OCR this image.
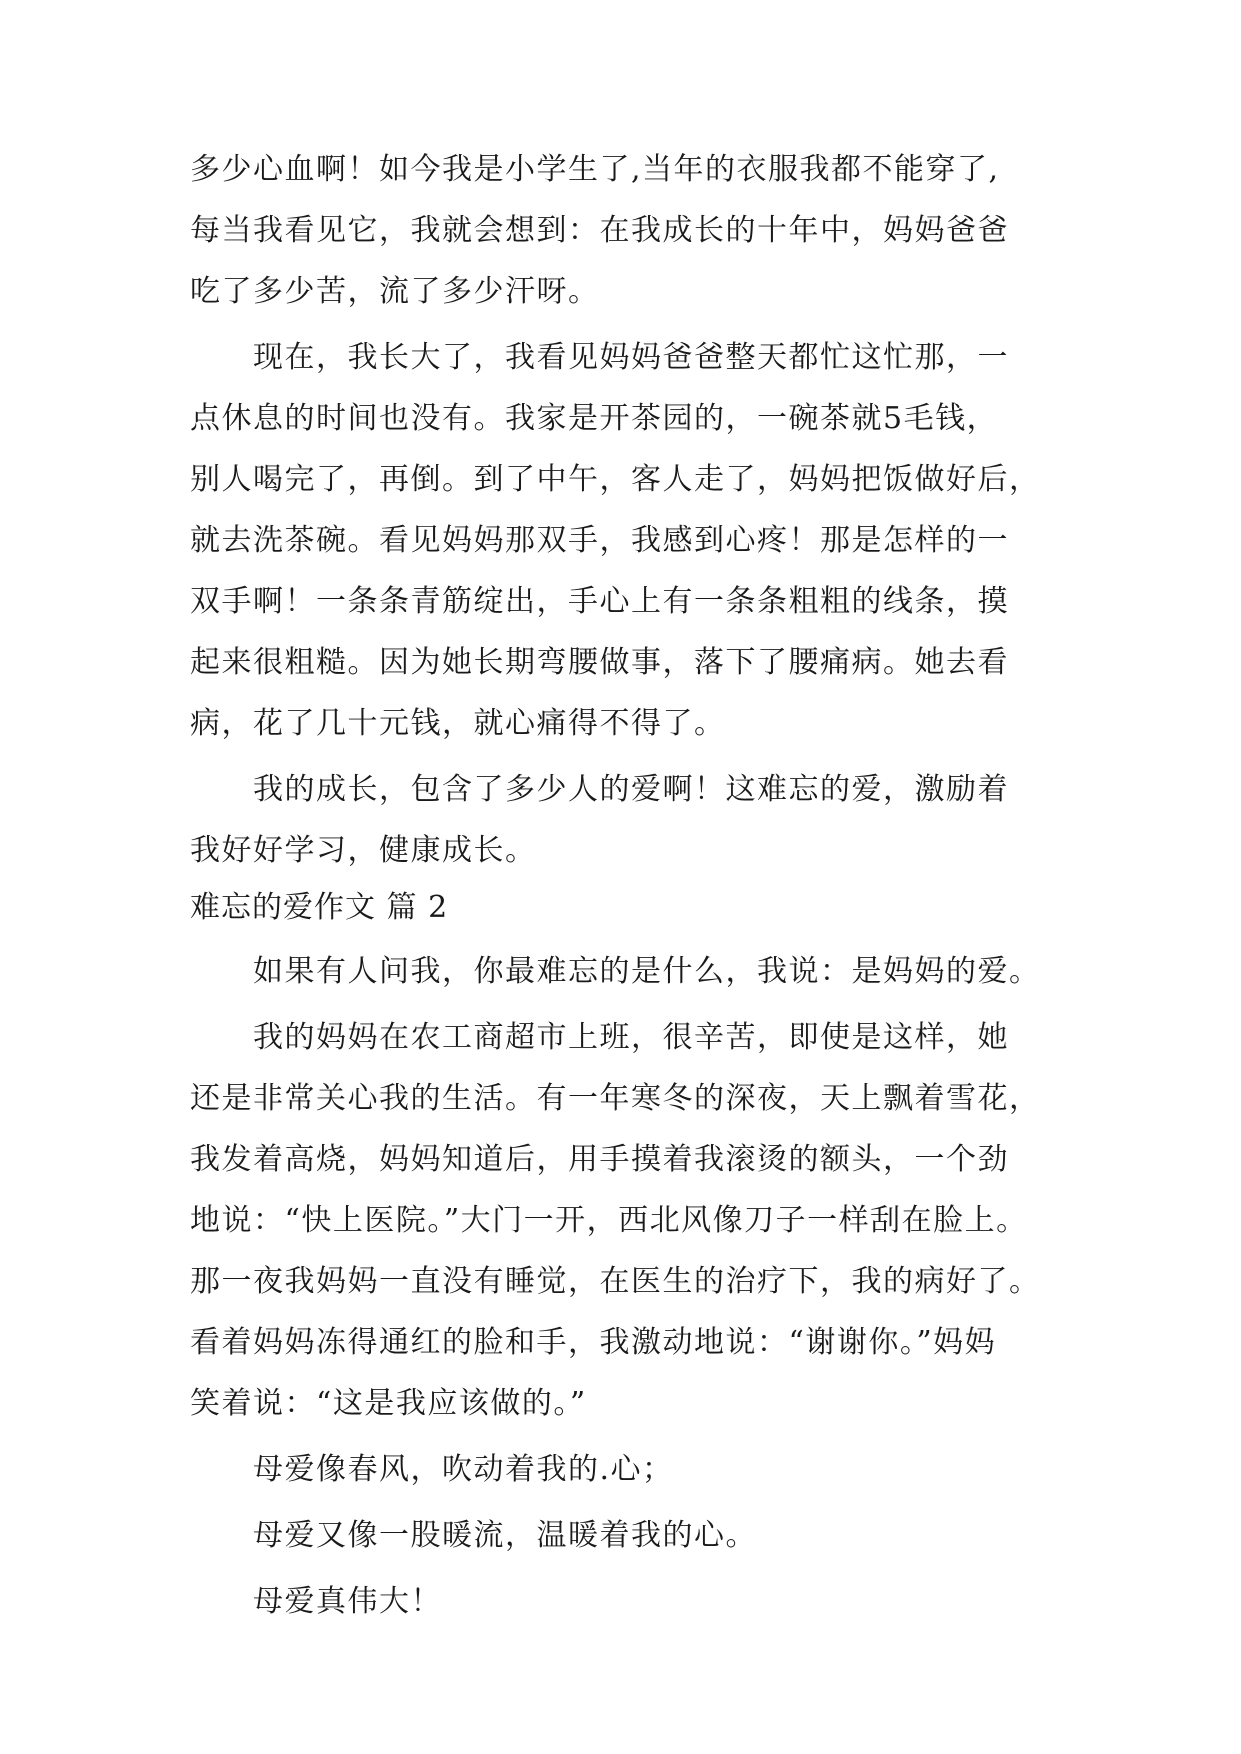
多少心血啊！如今我是小学生了,当年的衣服我都不能穿了,
每当我看见它，我就会想到：在我成长的十年中，妈妈爸爸
吃了多少苦，流了多少汗呀。
现在，我长大了，我看见妈妈爸爸整天都忙这忙那，一
点休息的时间也没有。我家是开茶园的，一碗茶就5毛钱，
别人喝完了，再倒。到了中午，客人走了，妈妈把饭做好后，
就去洗茶碗。看见妈妈那双手，我感到心疼！那是怎样的一
双手啊！一条条青筋绽出，手心上有一条条粗粗的线条，摸
起来很粗糙。因为她长期弯腰做事，落下了腰痛病。她去看
病，花了几十元钱，就心痛得不得了。
我的成长，包含了多少人的爱啊！这难忘的爱，激励着
我好好学习，健康成长。
难忘的爱作文 篇 2
如果有人问我，你最难忘的是什么，我说：是妈妈的爱。
我的妈妈在农工商超市上班，很辛苦，即使是这样，她
还是非常关心我的生活。有一年寒冬的深夜，天上飘着雪花，
我发着高烧，妈妈知道后，用手摸着我滚烫的额头，一个劲
地说：“快上医院。”大门一开，西北风像刀子一样刮在脸上。
那一夜我妈妈一直没有睡觉，在医生的治疗下，我的病好了。
看着妈妈冻得通红的脸和手，我激动地说：“谢谢你。”妈妈
笑着说：“这是我应该做的。”
母爱像春风，吹动着我的.心；
母爱又像一股暖流，温暖着我的心。
母爱真伟大！
